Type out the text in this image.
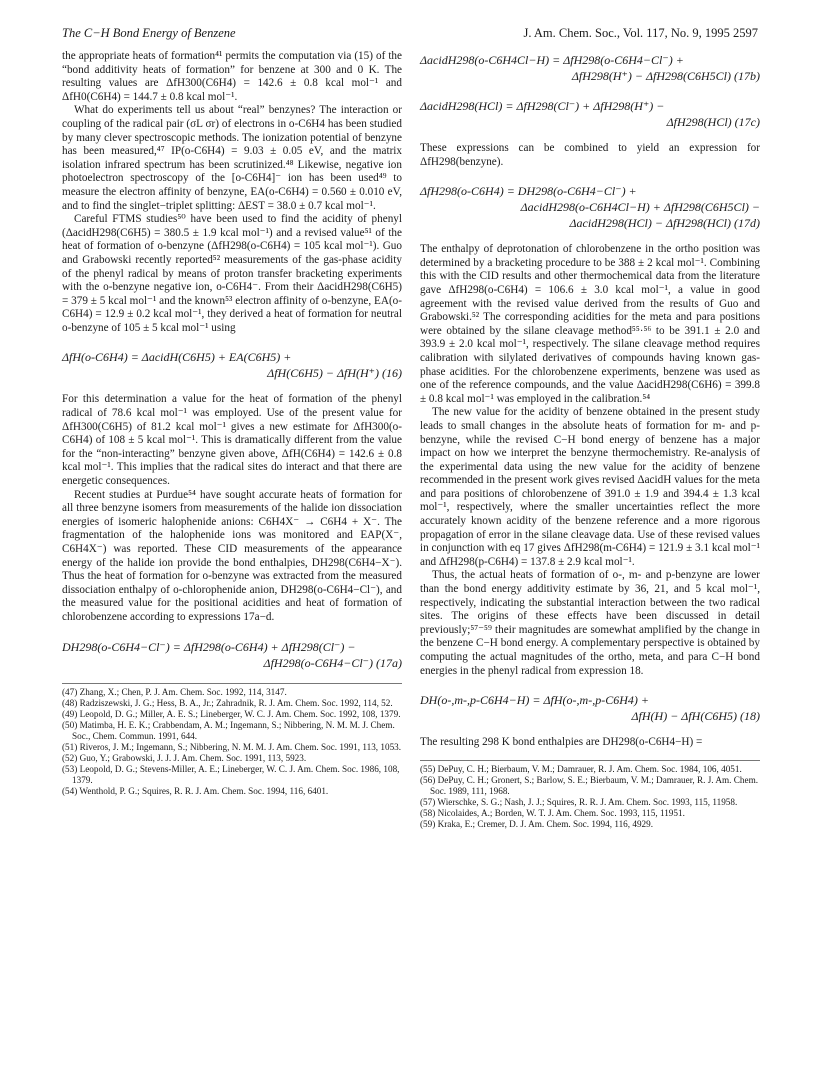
The C−H Bond Energy of Benzene	J. Am. Chem. Soc., Vol. 117, No. 9, 1995 2597

the appropriate heats of formation⁴¹ permits the computation via (15) of the “bond additivity heats of formation” for benzene at 300 and 0 K. The resulting values are ΔfH300(C6H4) = 142.6 ± 0.8 kcal mol⁻¹ and ΔfH0(C6H4) = 144.7 ± 0.8 kcal mol⁻¹.

What do experiments tell us about “real” benzynes? The interaction or coupling of the radical pair (σL σr) of electrons in o-C6H4 has been studied by many clever spectroscopic methods. The ionization potential of benzyne has been measured,⁴⁷ IP(o-C6H4) = 9.03 ± 0.05 eV, and the matrix isolation infrared spectrum has been scrutinized.⁴⁸ Likewise, negative ion photoelectron spectroscopy of the [o-C6H4]⁻ ion has been used⁴⁹ to measure the electron affinity of benzyne, EA(o-C6H4) = 0.560 ± 0.010 eV, and to find the singlet−triplet splitting: ΔEST = 38.0 ± 0.7 kcal mol⁻¹.

Careful FTMS studies⁵⁰ have been used to find the acidity of phenyl (ΔacidH298(C6H5) = 380.5 ± 1.9 kcal mol⁻¹) and a revised value⁵¹ of the heat of formation of o-benzyne (ΔfH298(o-C6H4) = 105 kcal mol⁻¹). Guo and Grabowski recently reported⁵² measurements of the gas-phase acidity of the phenyl radical by means of proton transfer bracketing experiments with the o-benzyne negative ion, o-C6H4⁻. From their ΔacidH298(C6H5) = 379 ± 5 kcal mol⁻¹ and the known⁵³ electron affinity of o-benzyne, EA(o-C6H4) = 12.9 ± 0.2 kcal mol⁻¹, they derived a heat of formation for neutral o-benzyne of 105 ± 5 kcal mol⁻¹ using

ΔfH(o-C6H4) = ΔacidH(C6H5) + EA(C6H5) +
ΔfH(C6H5) − ΔfH(H⁺) (16)

For this determination a value for the heat of formation of the phenyl radical of 78.6 kcal mol⁻¹ was employed. Use of the present value for ΔfH300(C6H5) of 81.2 kcal mol⁻¹ gives a new estimate for ΔfH300(o-C6H4) of 108 ± 5 kcal mol⁻¹. This is dramatically different from the value for the “non-interacting” benzyne given above, ΔfH(C6H4) = 142.6 ± 0.8 kcal mol⁻¹. This implies that the radical sites do interact and that there are energetic consequences.

Recent studies at Purdue⁵⁴ have sought accurate heats of formation for all three benzyne isomers from measurements of the halide ion dissociation energies of isomeric halophenide anions: C6H4X⁻ → C6H4 + X⁻. The fragmentation of the halophenide ions was monitored and EAP(X⁻, C6H4X⁻) was reported. These CID measurements of the appearance energy of the halide ion provide the bond enthalpies, DH298(C6H4−X⁻). Thus the heat of formation for o-benzyne was extracted from the measured dissociation enthalpy of o-chlorophenide anion, DH298(o-C6H4−Cl⁻), and the measured value for the positional acidities and heat of formation of chlorobenzene according to expressions 17a−d.

DH298(o-C6H4−Cl⁻) = ΔfH298(o-C6H4) + ΔfH298(Cl⁻) −
ΔfH298(o-C6H4−Cl⁻) (17a)
(47) Zhang, X.; Chen, P. J. Am. Chem. Soc. 1992, 114, 3147.
(48) Radziszewski, J. G.; Hess, B. A., Jr.; Zahradnik, R. J. Am. Chem. Soc. 1992, 114, 52.
(49) Leopold, D. G.; Miller, A. E. S.; Lineberger, W. C. J. Am. Chem. Soc. 1992, 108, 1379.
(50) Matimba, H. E. K.; Crabbendam, A. M.; Ingemann, S.; Nibbering, N. M. M. J. Chem. Soc., Chem. Commun. 1991, 644.
(51) Riveros, J. M.; Ingemann, S.; Nibbering, N. M. M. J. Am. Chem. Soc. 1991, 113, 1053.
(52) Guo, Y.; Grabowski, J. J. J. Am. Chem. Soc. 1991, 113, 5923.
(53) Leopold, D. G.; Stevens-Miller, A. E.; Lineberger, W. C. J. Am. Chem. Soc. 1986, 108, 1379.
(54) Wenthold, P. G.; Squires, R. R. J. Am. Chem. Soc. 1994, 116, 6401.
ΔacidH298(o-C6H4Cl−H) = ΔfH298(o-C6H4−Cl⁻) +
ΔfH298(H⁺) − ΔfH298(C6H5Cl) (17b)
ΔacidH298(HCl) = ΔfH298(Cl⁻) + ΔfH298(H⁺) −
ΔfH298(HCl) (17c)

These expressions can be combined to yield an expression for ΔfH298(benzyne).

ΔfH298(o-C6H4) = DH298(o-C6H4−Cl⁻) +
ΔacidH298(o-C6H4Cl−H) + ΔfH298(C6H5Cl) −
ΔacidH298(HCl) − ΔfH298(HCl) (17d)

The enthalpy of deprotonation of chlorobenzene in the ortho position was determined by a bracketing procedure to be 388 ± 2 kcal mol⁻¹. Combining this with the CID results and other thermochemical data from the literature gave ΔfH298(o-C6H4) = 106.6 ± 3.0 kcal mol⁻¹, a value in good agreement with the revised value derived from the results of Guo and Grabowski.⁵² The corresponding acidities for the meta and para positions were obtained by the silane cleavage method⁵⁵·⁵⁶ to be 391.1 ± 2.0 and 393.9 ± 2.0 kcal mol⁻¹, respectively. The silane cleavage method requires calibration with silylated derivatives of compounds having known gas-phase acidities. For the chlorobenzene experiments, benzene was used as one of the reference compounds, and the value ΔacidH298(C6H6) = 399.8 ± 0.8 kcal mol⁻¹ was employed in the calibration.⁵⁴

The new value for the acidity of benzene obtained in the present study leads to small changes in the absolute heats of formation for m- and p-benzyne, while the revised C−H bond energy of benzene has a major impact on how we interpret the benzyne thermochemistry. Re-analysis of the experimental data using the new value for the acidity of benzene recommended in the present work gives revised ΔacidH values for the meta and para positions of chlorobenzene of 391.0 ± 1.9 and 394.4 ± 1.3 kcal mol⁻¹, respectively, where the smaller uncertainties reflect the more accurately known acidity of the benzene reference and a more rigorous propagation of error in the silane cleavage data. Use of these revised values in conjunction with eq 17 gives ΔfH298(m-C6H4) = 121.9 ± 3.1 kcal mol⁻¹ and ΔfH298(p-C6H4) = 137.8 ± 2.9 kcal mol⁻¹.

Thus, the actual heats of formation of o-, m- and p-benzyne are lower than the bond energy additivity estimate by 36, 21, and 5 kcal mol⁻¹, respectively, indicating the substantial interaction between the two radical sites. The origins of these effects have been discussed in detail previously;⁵⁷⁻⁵⁹ their magnitudes are somewhat amplified by the change in the benzene C−H bond energy. A complementary perspective is obtained by computing the actual magnitudes of the ortho, meta, and para C−H bond energies in the phenyl radical from expression 18.

DH(o-,m-,p-C6H4−H) = ΔfH(o-,m-,p-C6H4) +
ΔfH(H) − ΔfH(C6H5) (18)

The resulting 298 K bond enthalpies are DH298(o-C6H4−H) =

(55) DePuy, C. H.; Bierbaum, V. M.; Damrauer, R. J. Am. Chem. Soc. 1984, 106, 4051.
(56) DePuy, C. H.; Gronert, S.; Barlow, S. E.; Bierbaum, V. M.; Damrauer, R. J. Am. Chem. Soc. 1989, 111, 1968.
(57) Wierschke, S. G.; Nash, J. J.; Squires, R. R. J. Am. Chem. Soc. 1993, 115, 11958.
(58) Nicolaides, A.; Borden, W. T. J. Am. Chem. Soc. 1993, 115, 11951.
(59) Kraka, E.; Cremer, D. J. Am. Chem. Soc. 1994, 116, 4929.
